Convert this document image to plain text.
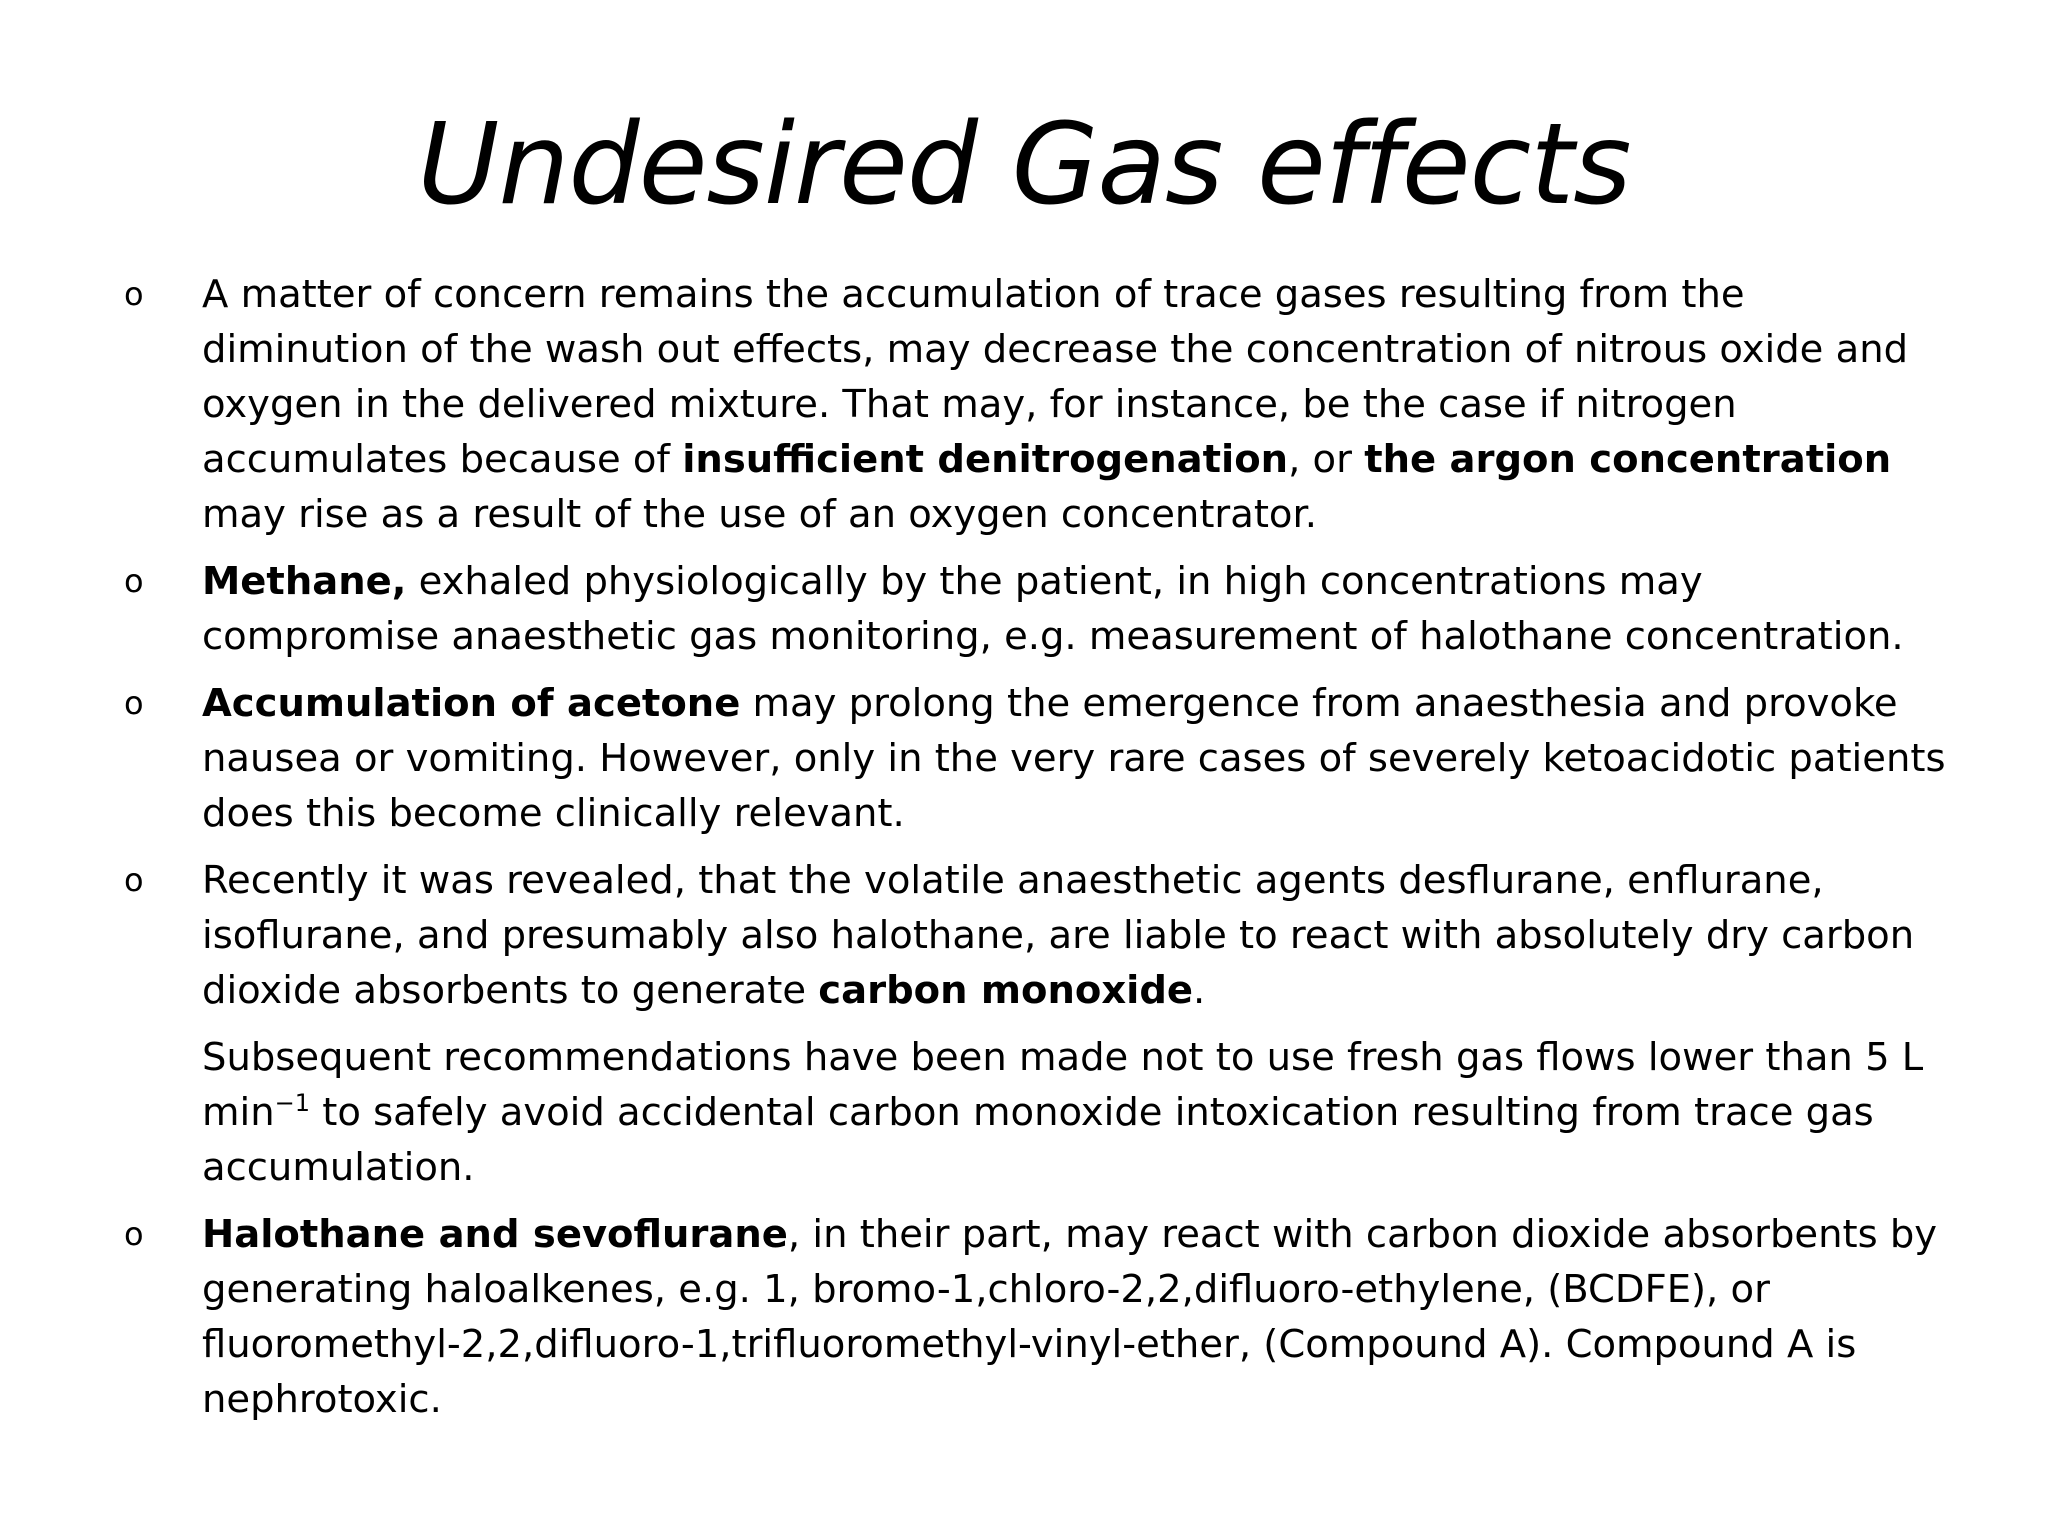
Undesired Gas effects
o A matter of concern remains the accumulation of trace gases resulting from the diminution of the wash out effects, may decrease the concentration of nitrous oxide and oxygen in the delivered mixture. That may, for instance, be the case if nitrogen accumulates because of insufficient denitrogenation, or the argon concentration may rise as a result of the use of an oxygen concentrator.

o Methane, exhaled physiologically by the patient, in high concentrations may compromise anaesthetic gas monitoring, e.g. measurement of halothane concentration.

o Accumulation of acetone may prolong the emergence from anaesthesia and provoke nausea or vomiting. However, only in the very rare cases of severely ketoacidotic patients does this become clinically relevant.

o Recently it was revealed, that the volatile anaesthetic agents desflurane, enflurane, isoflurane, and presumably also halothane, are liable to react with absolutely dry carbon dioxide absorbents to generate carbon monoxide.

Subsequent recommendations have been made not to use fresh gas flows lower than 5 L $\min^{-1}$ to safely avoid accidental carbon monoxide intoxication resulting from trace gas accumulation.

o Halothane and sevoflurane, in their part, may react with carbon dioxide absorbents by generating haloalkenes, e.g. 1, bromo-1,chloro-2,2,difluoro-ethylene, (BCDFE), or fluoromethyl-2,2,difluoro-1,trifluoromethyl-vinyl-ether, (Compound A). Compound A is nephrotoxic.
